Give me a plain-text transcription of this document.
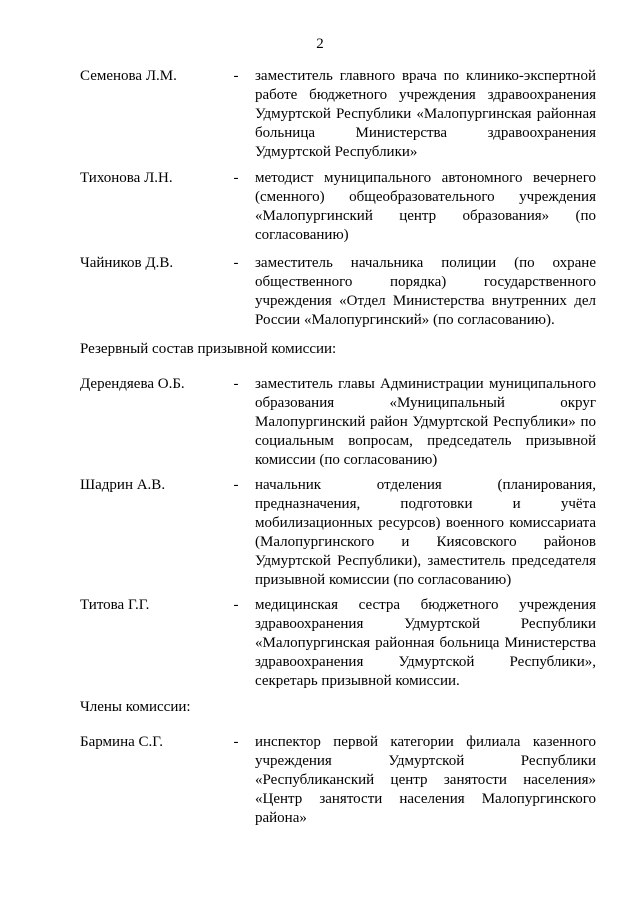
2
Семенова Л.М.	- заместитель главного врача по клинико-экспертной работе бюджетного учреждения здравоохранения Удмуртской Республики «Малопургинская районная больница Министерства здравоохранения Удмуртской Республики»

Тихонова Л.Н.	- методист муниципального автономного вечернего (сменного) общеобразовательного учреждения «Малопургинский центр образования» (по согласованию)

Чайников Д.В.	- заместитель начальника полиции (по охране общественного порядка) государственного учреждения «Отдел Министерства внутренних дел России «Малопургинский» (по согласованию).

Резервный состав призывной комиссии:
Дерендяева О.Б.	- заместитель главы Администрации муниципального образования «Муниципальный округ Малопургинский район Удмуртской Республики» по социальным вопросам, председатель призывной комиссии (по согласованию)

Шадрин А.В.	- начальник отделения (планирования, предназначения, подготовки и учёта мобилизационных ресурсов) военного комиссариата (Малопургинского и Киясовского районов Удмуртской Республики), заместитель председателя призывной комиссии (по согласованию)

Титова Г.Г.	- медицинская сестра бюджетного учреждения здравоохранения Удмуртской Республики «Малопургинская районная больница Министерства здравоохранения Удмуртской Республики», секретарь призывной комиссии.

Члены комиссии:
Бармина С.Г.	- инспектор первой категории филиала казенного учреждения Удмуртской Республики «Республиканский центр занятости населения» «Центр занятости населения Малопургинского района»
